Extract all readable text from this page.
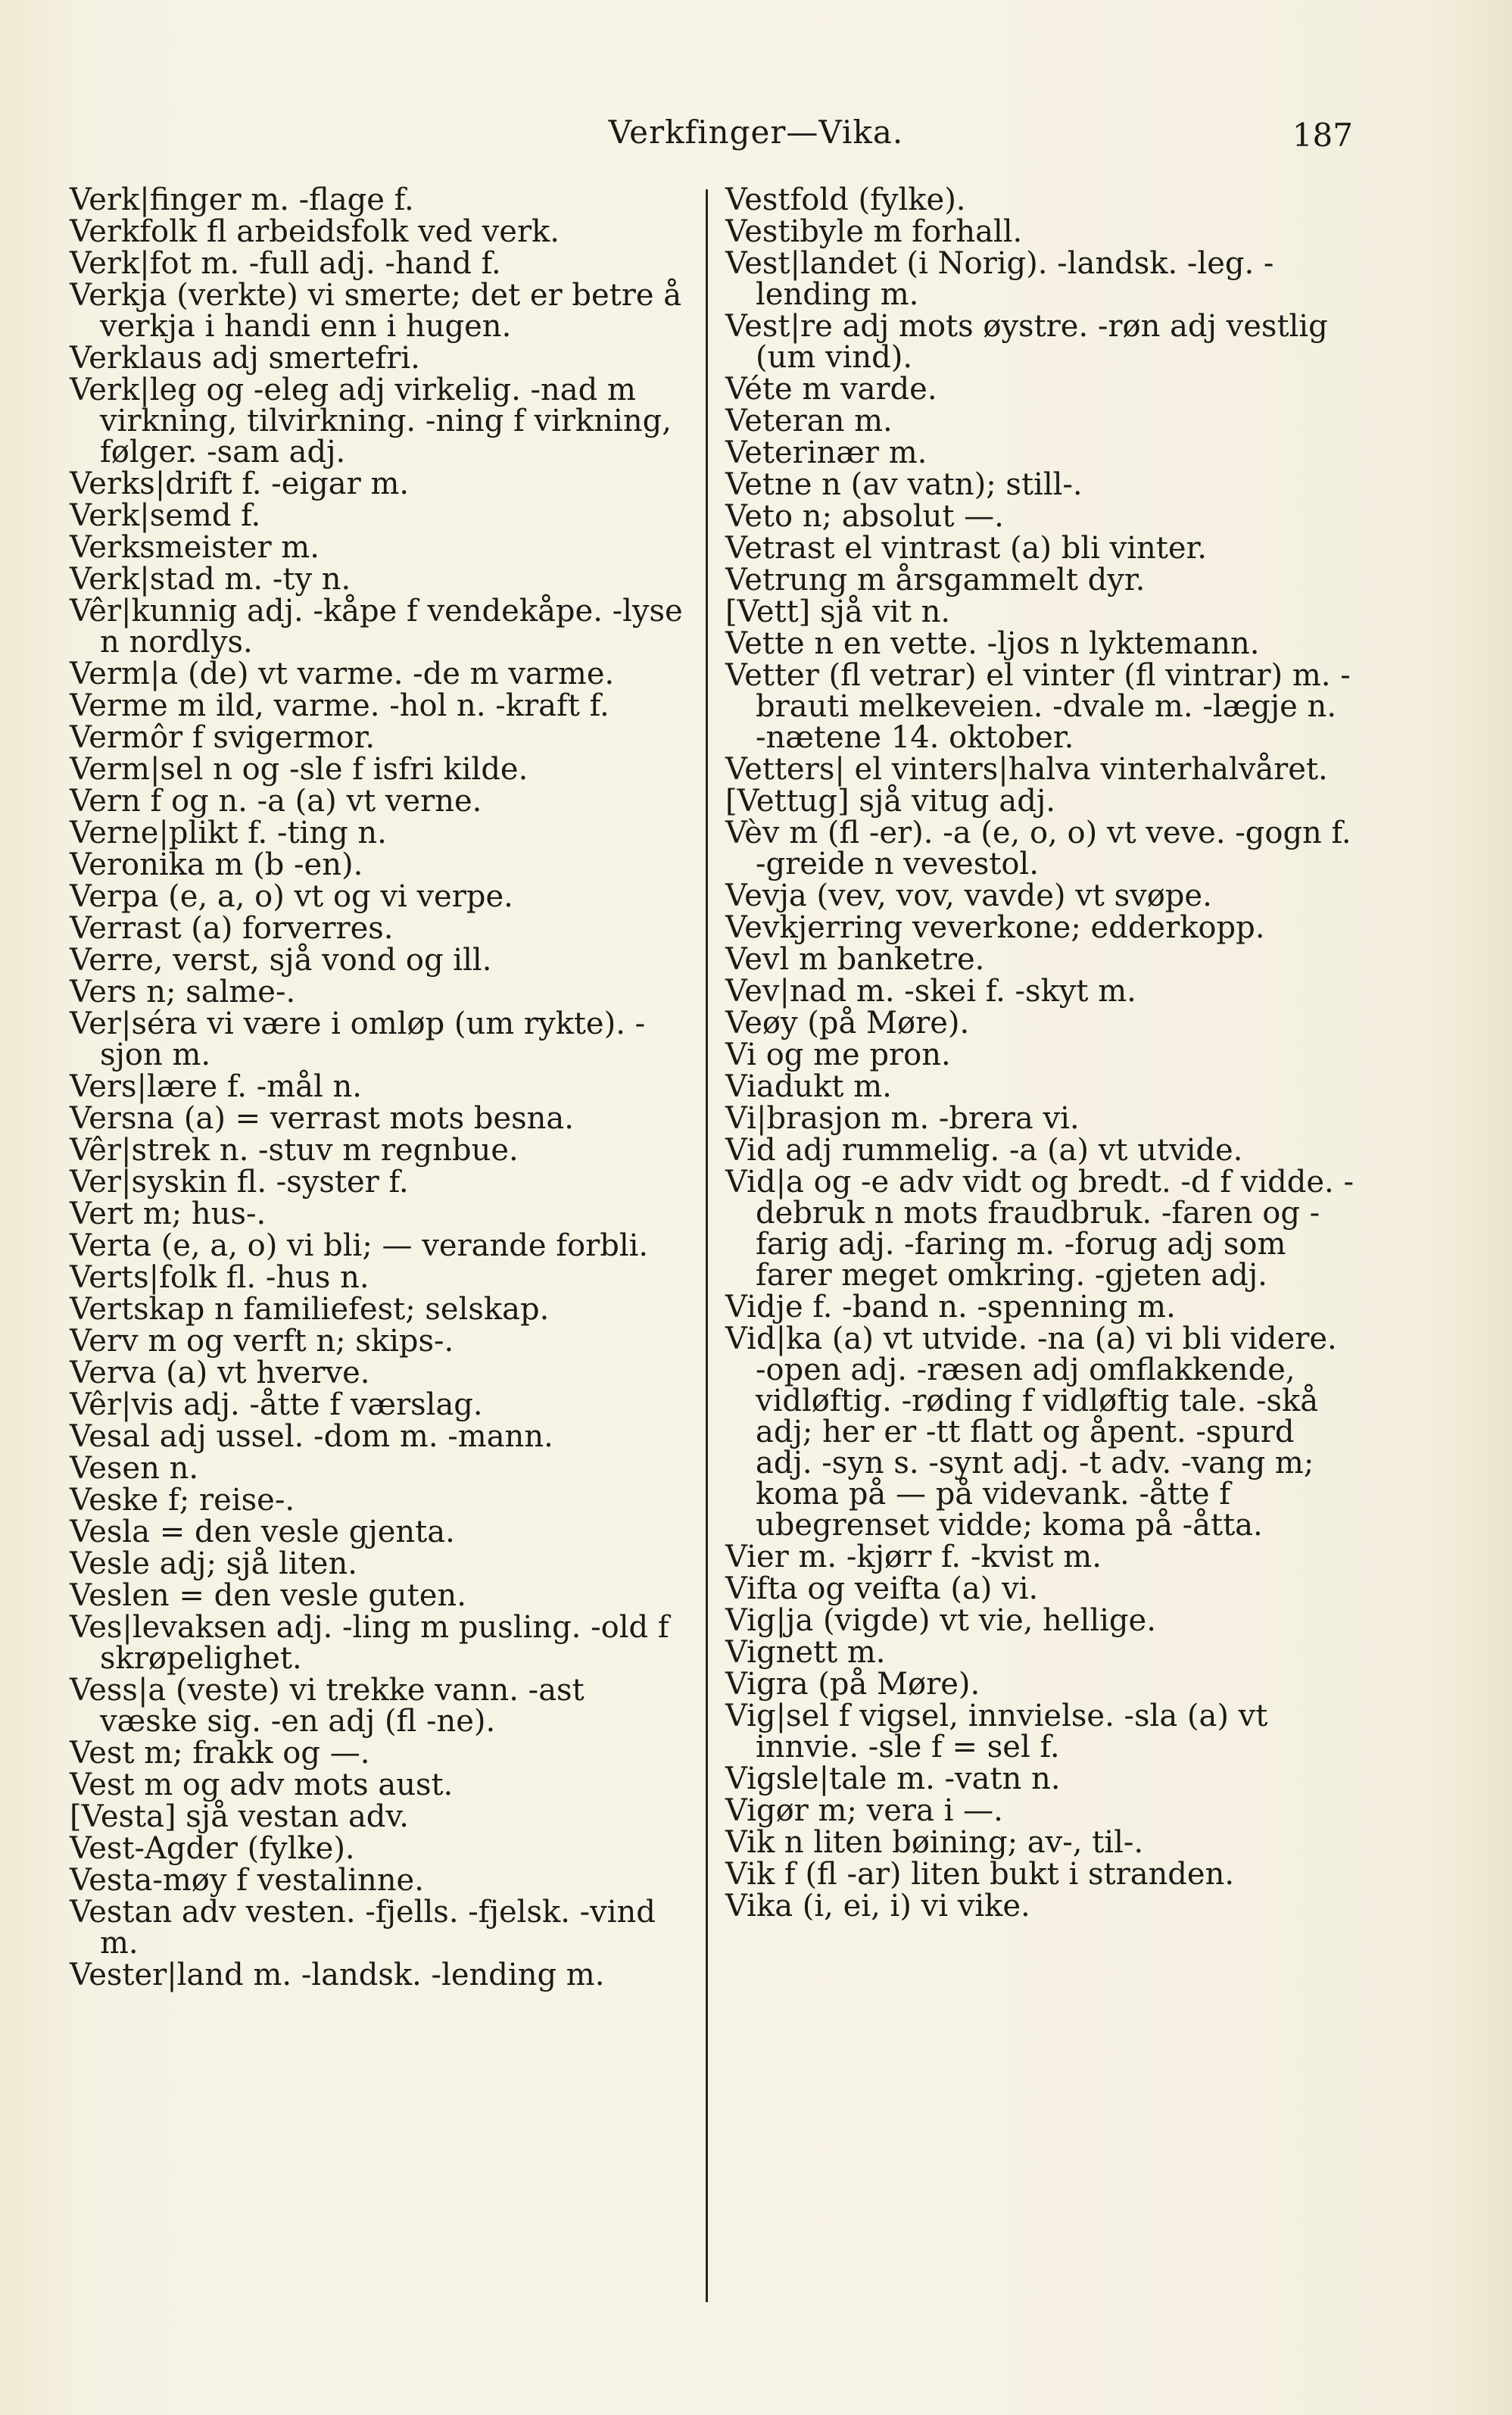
Verkfinger—Vika.	187
Verk|finger m. -flage f.
Verkfolk fl arbeidsfolk ved verk.
Verk|fot m. -full adj. -hand f.
Verkja (verkte) vi smerte; det er betre å verkja i handi enn i hugen.
Verklaus adj smertefri.
Verk|leg og -eleg adj virkelig. -nad m virkning, tilvirkning. -ning f virkning, følger. -sam adj.
Verks|drift f. -eigar m.
Verk|semd f.
Verksmeister m.
Verk|stad m. -ty n.
Vêr|kunnig adj. -kåpe f vendekåpe. -lyse n nordlys.
Verm|a (de) vt varme. -de m varme.
Verme m ild, varme. -hol n. -kraft f.
Vermôr f svigermor.
Verm|sel n og -sle f isfri kilde.
Vern f og n. -a (a) vt verne.
Verne|plikt f. -ting n.
Veronika m (b -en).
Verpa (e, a, o) vt og vi verpe.
Verrast (a) forverres.
Verre, verst, sjå vond og ill.
Vers n; salme-.
Ver|séra vi være i omløp (um rykte). -sjon m.
Vers|lære f. -mål n.
Versna (a) = verrast mots besna.
Vêr|strek n. -stuv m regnbue.
Ver|syskin fl. -syster f.
Vert m; hus-.
Verta (e, a, o) vi bli; — verande forbli.
Verts|folk fl. -hus n.
Vertskap n familiefest; selskap.
Verv m og verft n; skips-.
Verva (a) vt hverve.
Vêr|vis adj. -åtte f værslag.
Vesal adj ussel. -dom m. -mann.
Vesen n.
Veske f; reise-.
Vesla = den vesle gjenta.
Vesle adj; sjå liten.
Veslen = den vesle guten.
Ves|levaksen adj. -ling m pusling. -old f skrøpelighet.
Vess|a (veste) vi trekke vann. -ast væske sig. -en adj (fl -ne).
Vest m; frakk og —.
Vest m og adv mots aust.
[Vesta] sjå vestan adv.
Vest-Agder (fylke).
Vesta-møy f vestalinne.
Vestan adv vesten. -fjells. -fjelsk. -vind m.
Vester|land m. -landsk. -lending m.
Vestfold (fylke).
Vestibyle m forhall.
Vest|landet (i Norig). -landsk. -leg. -lending m.
Vest|re adj mots øystre. -røn adj vestlig (um vind).
Véte m varde.
Veteran m.
Veterinær m.
Vetne n (av vatn); still-.
Veto n; absolut —.
Vetrast el vintrast (a) bli vinter.
Vetrung m årsgammelt dyr.
[Vett] sjå vit n.
Vette n en vette. -ljos n lyktemann.
Vetter (fl vetrar) el vinter (fl vintrar) m. -brauti melkeveien. -dvale m. -lægje n. -nætene 14. oktober.
Vetters| el vinters|halva vinterhalvåret.
[Vettug] sjå vitug adj.
Vèv m (fl -er). -a (e, o, o) vt veve. -gogn f. -greide n vevestol.
Vevja (vev, vov, vavde) vt svøpe.
Vevkjerring veverkone; edderkopp.
Vevl m banketre.
Vev|nad m. -skei f. -skyt m.
Veøy (på Møre).
Vi og me pron.
Viadukt m.
Vi|brasjon m. -brera vi.
Vid adj rummelig. -a (a) vt utvide.
Vid|a og -e adv vidt og bredt. -d f vidde. -debruk n mots fraudbruk. -faren og -farig adj. -faring m. -forug adj som farer meget omkring. -gjeten adj.
Vidje f. -band n. -spenning m.
Vid|ka (a) vt utvide. -na (a) vi bli videre. -open adj. -ræsen adj omflakkende, vidløftig. -røding f vidløftig tale. -skå adj; her er -tt flatt og åpent. -spurd adj. -syn s. -synt adj. -t adv. -vang m; koma på — på videvank. -åtte f ubegrenset vidde; koma på -åtta.
Vier m. -kjørr f. -kvist m.
Vifta og veifta (a) vi.
Vig|ja (vigde) vt vie, hellige.
Vignett m.
Vigra (på Møre).
Vig|sel f vigsel, innvielse. -sla (a) vt innvie. -sle f = sel f.
Vigsle|tale m. -vatn n.
Vigør m; vera i —.
Vik n liten bøining; av-, til-.
Vik f (fl -ar) liten bukt i stranden.
Vika (i, ei, i) vi vike.
